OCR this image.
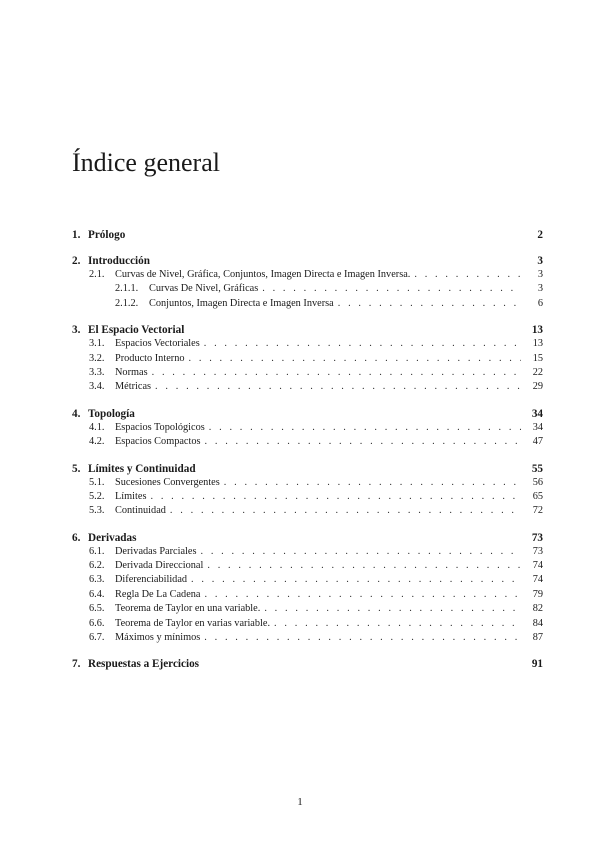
Índice general
1. Prólogo	2
2. Introducción	3
2.1.	Curvas de Nivel, Gráfica, Conjuntos, Imagen Directa e Imagen Inversa. . . .	3
2.1.1.	Curvas De Nivel, Gráficas . . .	3
2.1.2.	Conjuntos, Imagen Directa e Imagen Inversa . . .	6
3. El Espacio Vectorial	13
3.1.	Espacios Vectoriales . . .	13
3.2.	Producto Interno . . .	15
3.3.	Normas . . .	22
3.4.	Métricas . . .	29
4. Topología	34
4.1.	Espacios Topológicos . . .	34
4.2.	Espacios Compactos . . .	47
5. Límites y Continuidad	55
5.1.	Sucesiones Convergentes . . .	56
5.2.	Límites . . .	65
5.3.	Continuidad . . .	72
6. Derivadas	73
6.1.	Derivadas Parciales . . .	73
6.2.	Derivada Direccional . . .	74
6.3.	Diferenciabilidad . . .	74
6.4.	Regla De La Cadena . . .	79
6.5.	Teorema de Taylor en una variable. . . .	82
6.6.	Teorema de Taylor en varias variable. . . .	84
6.7.	Máximos y mínimos . . .	87
7. Respuestas a Ejercicios	91
1
